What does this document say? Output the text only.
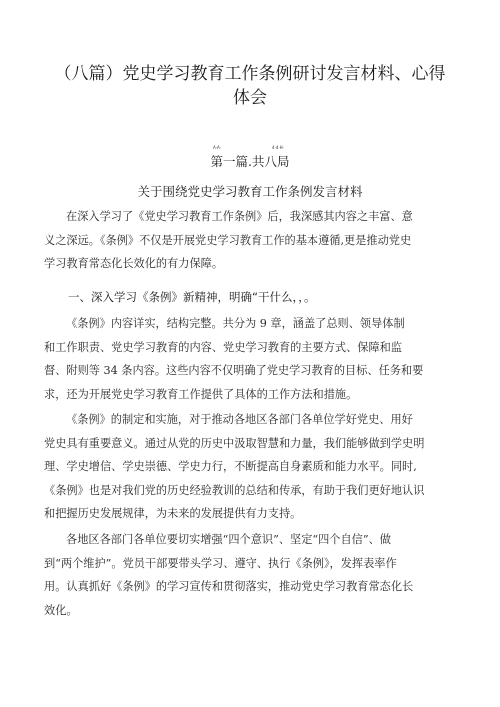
（八篇）党史学习教育工作条例研讨发言材料、心得
体会
A·A·	4·4·H·
第一篇.共八局
关于围绕党史学习教育工作条例发言材料
在深入学习了《党史学习教育工作条例》后，我深感其内容之丰富、意
义之深远。《条例》不仅是开展党史学习教育工作的基本遵循,更是推动党史
学习教育常态化长效化的有力保障。
一、深入学习《条例》新精神，明确“干什么，，。
《条例》内容详实，结构完整。共分为 9 章，涵盖了总则、领导体制
和工作职责、党史学习教育的内容、党史学习教育的主要方式、保障和监
督、附则等 34 条内容。这些内容不仅明确了党史学习教育的目标、任务和要
求，还为开展党史学习教育工作提供了具体的工作方法和措施。
《条例》的制定和实施，对于推动各地区各部门各单位学好党史、用好
党史具有重要意义。通过从党的历史中汲取智慧和力量，我们能够做到学史明
理、学史增信、学史崇德、学史力行，不断提高自身素质和能力水平。同时,
《条例》也是对我们党的历史经验教训的总结和传承，有助于我们更好地认识
和把握历史发展规律，为未来的发展提供有力支持。
各地区各部门各单位要切实增强“四个意识”、坚定“四个自信”、做
到“两个维护”。党员干部要带头学习、遵守、执行《条例》，发挥表率作
用。认真抓好《条例》的学习宣传和贯彻落实，推动党史学习教育常态化长
效化。
